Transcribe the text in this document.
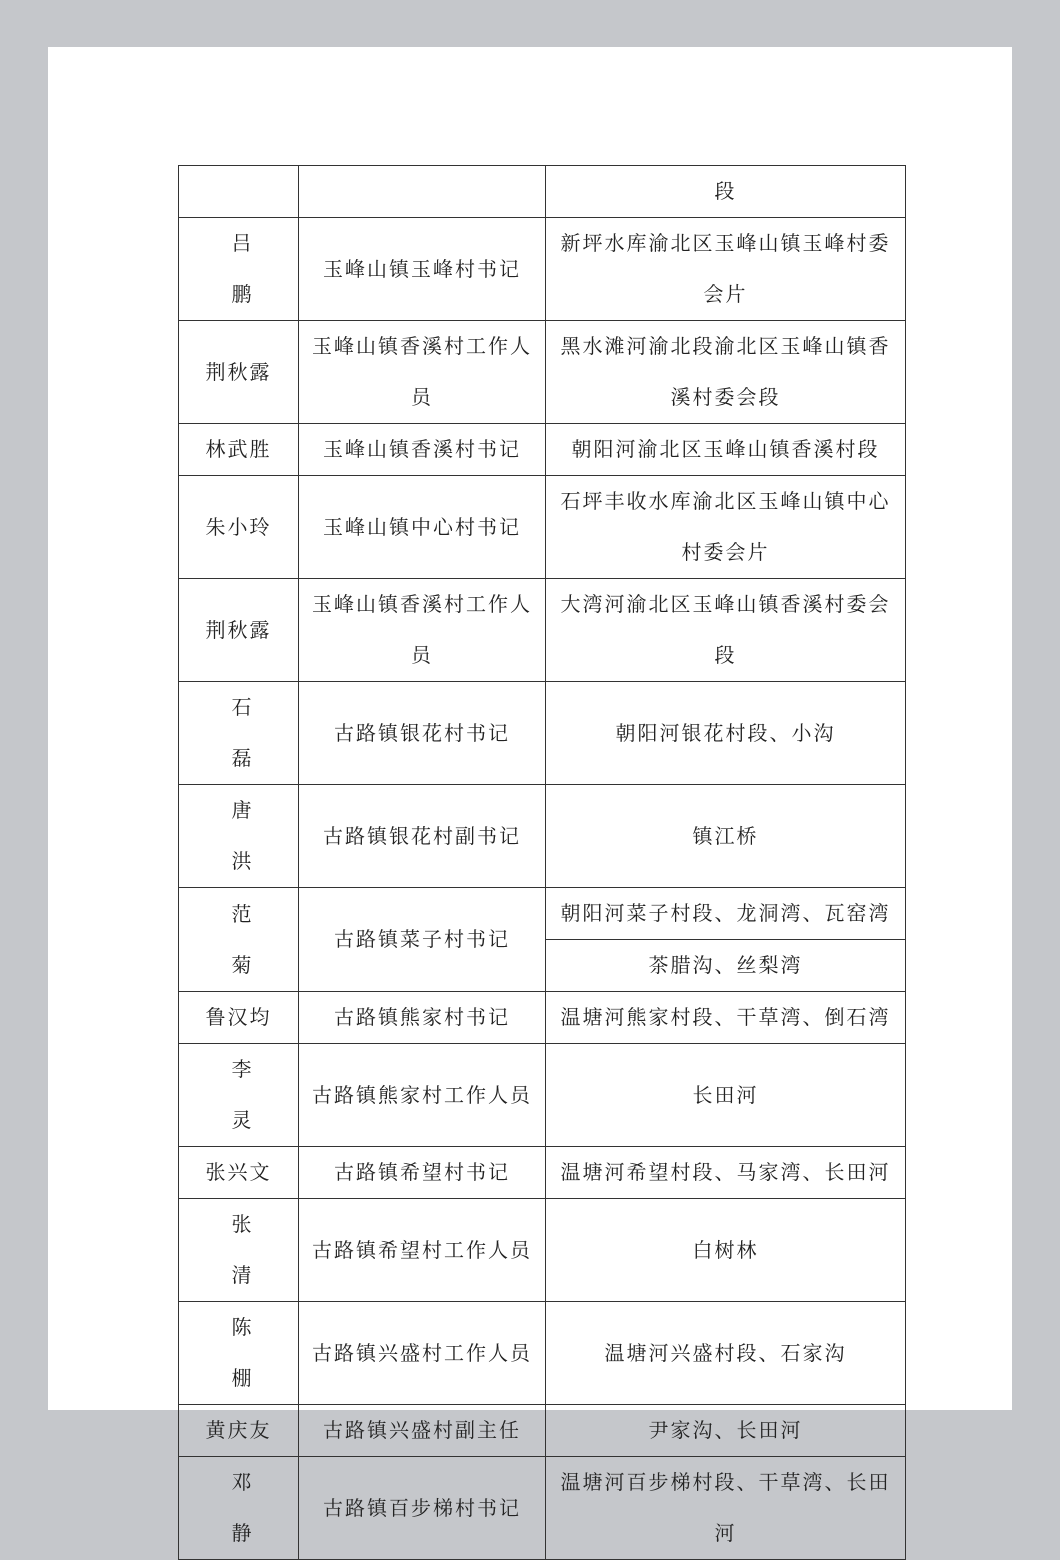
		段
吕鹏	玉峰山镇玉峰村书记	新坪水库渝北区玉峰山镇玉峰村委会片
荆秋露	玉峰山镇香溪村工作人员	黑水滩河渝北段渝北区玉峰山镇香溪村委会段
林武胜	玉峰山镇香溪村书记	朝阳河渝北区玉峰山镇香溪村段
朱小玲	玉峰山镇中心村书记	石坪丰收水库渝北区玉峰山镇中心村委会片
荆秋露	玉峰山镇香溪村工作人员	大湾河渝北区玉峰山镇香溪村委会段
石磊	古路镇银花村书记	朝阳河银花村段、小沟
唐洪	古路镇银花村副书记	镇江桥
范菊	古路镇菜子村书记	朝阳河菜子村段、龙洞湾、瓦窑湾
		茶腊沟、丝梨湾
鲁汉均	古路镇熊家村书记	温塘河熊家村段、干草湾、倒石湾
李灵	古路镇熊家村工作人员	长田河
张兴文	古路镇希望村书记	温塘河希望村段、马家湾、长田河
张清	古路镇希望村工作人员	白树林
陈棚	古路镇兴盛村工作人员	温塘河兴盛村段、石家沟
黄庆友	古路镇兴盛村副主任	尹家沟、长田河
邓静	古路镇百步梯村书记	温塘河百步梯村段、干草湾、长田河
